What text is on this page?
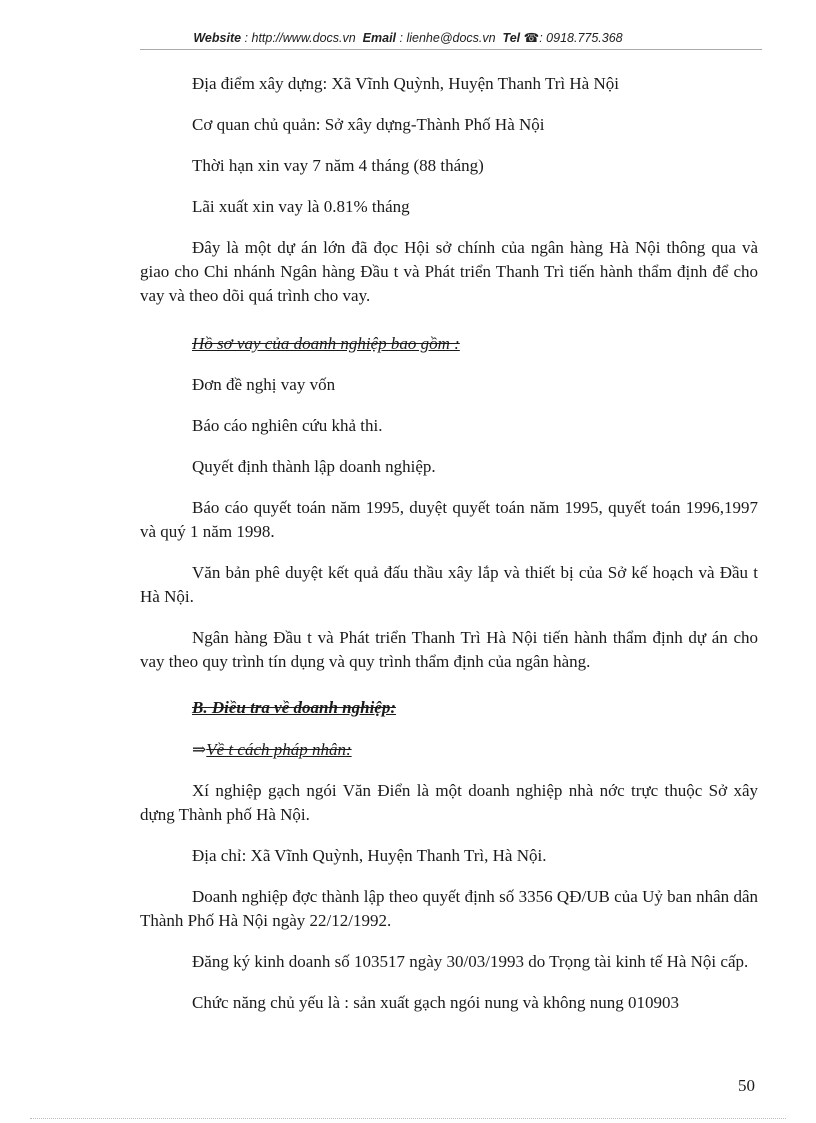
Website : http://www.docs.vn Email : lienhe@docs.vn Tel ☎: 0918.775.368

Địa điểm xây dựng: Xã Vĩnh Quỳnh, Huyện Thanh Trì Hà Nội

Cơ quan chủ quản: Sở xây dựng-Thành Phố Hà Nội

Thời hạn xin vay 7 năm 4 tháng (88 tháng)

Lãi xuất xin vay là 0.81% tháng

Đây là một dự án lớn đã đọc Hội sở chính của ngân hàng Hà Nội thông qua và giao cho Chi nhánh Ngân hàng Đầu t và Phát triển Thanh Trì tiến hành thẩm định để cho vay và theo dõi quá trình cho vay.

Hồ sơ vay của doanh nghiệp bao gồm :

Đơn đề nghị vay vốn

Báo cáo nghiên cứu khả thi.

Quyết định thành lập doanh nghiệp.

Báo cáo quyết toán năm 1995, duyệt quyết toán năm 1995, quyết toán 1996,1997 và quý 1 năm 1998.

Văn bản phê duyệt kết quả đấu thầu xây lắp và thiết bị của Sở kế hoạch và Đầu t Hà Nội.

Ngân hàng Đầu t và Phát triển Thanh Trì Hà Nội tiến hành thẩm định dự án cho vay theo quy trình tín dụng và quy trình thẩm định của ngân hàng.

B. Điều tra về doanh nghiệp:

⇒Về t cách pháp nhân:

Xí nghiệp gạch ngói Văn Điển là một doanh nghiệp nhà nớc trực thuộc Sở xây dựng Thành phố Hà Nội.

Địa chỉ: Xã Vĩnh Quỳnh, Huyện Thanh Trì, Hà Nội.

Doanh nghiệp đợc thành lập theo quyết định số 3356 QĐ/UB của Uỷ ban nhân dân Thành Phố Hà Nội ngày 22/12/1992.

Đăng ký kinh doanh số 103517 ngày 30/03/1993 do Trọng tài kinh tế Hà Nội cấp.

Chức năng chủ yếu là : sản xuất gạch ngói nung và không nung 010903

50
